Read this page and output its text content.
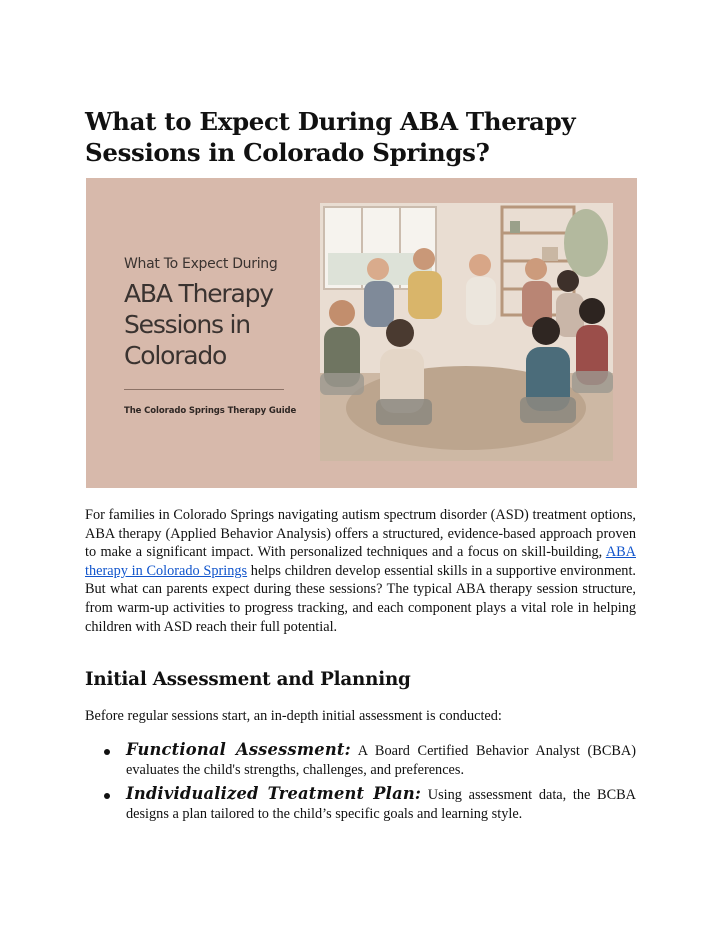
What to Expect During ABA Therapy
Sessions in Colorado Springs?

What To Expect During

ABA Therapy
Sessions in
Colorado

The Colorado Springs Therapy Guide

For families in Colorado Springs navigating autism spectrum disorder (ASD) treatment options, ABA therapy (Applied Behavior Analysis) offers a structured, evidence-based approach proven to make a significant impact. With personalized techniques and a focus on skill-building, ABA therapy in Colorado Springs helps children develop essential skills in a supportive environment. But what can parents expect during these sessions? The typical ABA therapy session structure, from warm-up activities to progress tracking, and each component plays a vital role in helping children with ASD reach their full potential.

Initial Assessment and Planning

Before regular sessions start, an in-depth initial assessment is conducted:

Functional Assessment: A Board Certified Behavior Analyst (BCBA) evaluates the child's strengths, challenges, and preferences.
Individualized Treatment Plan: Using assessment data, the BCBA designs a plan tailored to the child’s specific goals and learning style.
